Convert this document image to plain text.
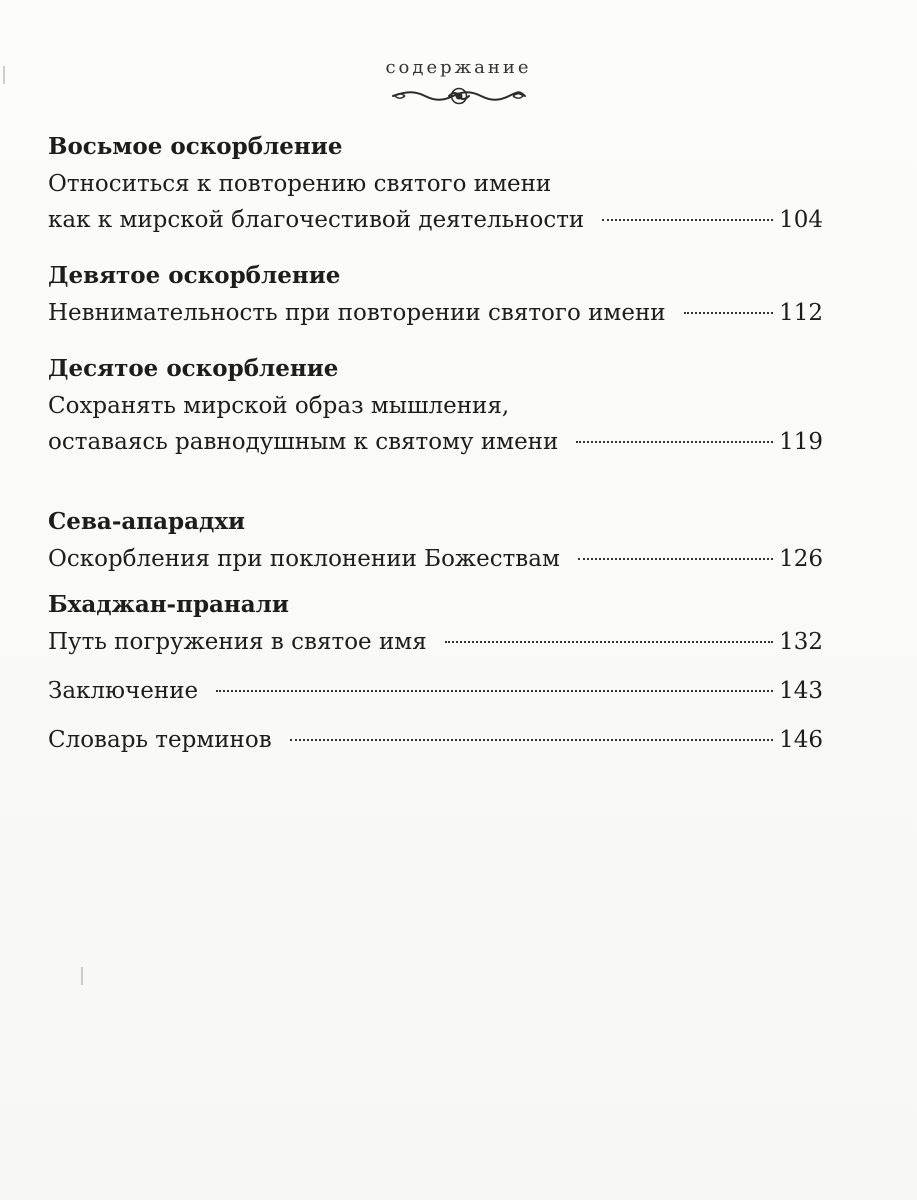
содержание
Восьмое оскорбление
Относиться к повторению святого имени
как к мирской благочестивой деятельности	104
Девятое оскорбление
Невнимательность при повторении святого имени	112
Десятое оскорбление
Сохранять мирской образ мышления,
оставаясь равнодушным к святому имени	119
Сева-апарадхи
Оскорбления при поклонении Божествам	126
Бхаджан-пранали
Путь погружения в святое имя	132
Заключение	143
Словарь терминов	146
